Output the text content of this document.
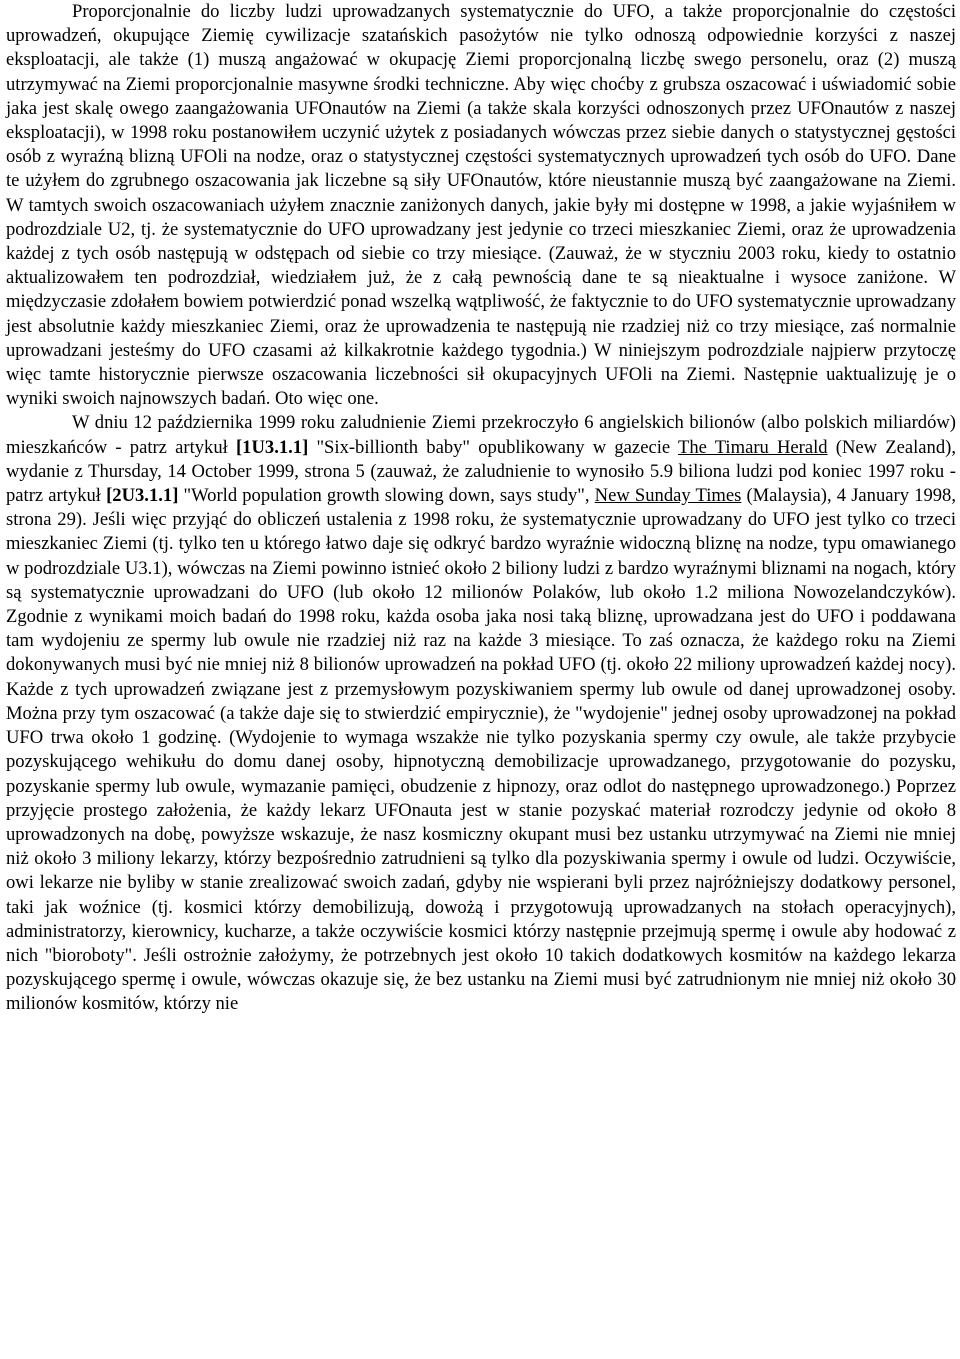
Proporcjonalnie do liczby ludzi uprowadzanych systematycznie do UFO, a także proporcjonalnie do częstości uprowadzeń, okupujące Ziemię cywilizacje szatańskich pasożytów nie tylko odnoszą odpowiednie korzyści z naszej eksploatacji, ale także (1) muszą angażować w okupację Ziemi proporcjonalną liczbę swego personelu, oraz (2) muszą utrzymywać na Ziemi proporcjonalnie masywne środki techniczne. Aby więc choćby z grubsza oszacować i uświadomić sobie jaka jest skalę owego zaangażowania UFOnautów na Ziemi (a także skala korzyści odnoszonych przez UFOnautów z naszej eksploatacji), w 1998 roku postanowiłem uczynić użytek z posiadanych wówczas przez siebie danych o statystycznej gęstości osób z wyraźną blizną UFOli na nodze, oraz o statystycznej częstości systematycznych uprowadzeń tych osób do UFO. Dane te użyłem do zgrubnego oszacowania jak liczebne są siły UFOnautów, które nieustannie muszą być zaangażowane na Ziemi. W tamtych swoich oszacowaniach użyłem znacznie zaniżonych danych, jakie były mi dostępne w 1998, a jakie wyjaśniłem w podrozdziale U2, tj. że systematycznie do UFO uprowadzany jest jedynie co trzeci mieszkaniec Ziemi, oraz że uprowadzenia każdej z tych osób następują w odstępach od siebie co trzy miesiące. (Zauważ, że w styczniu 2003 roku, kiedy to ostatnio aktualizowałem ten podrozdział, wiedziałem już, że z całą pewnością dane te są nieaktualne i wysoce zaniżone. W międzyczasie zdołałem bowiem potwierdzić ponad wszelką wątpliwość, że faktycznie to do UFO systematycznie uprowadzany jest absolutnie każdy mieszkaniec Ziemi, oraz że uprowadzenia te następują nie rzadziej niż co trzy miesiące, zaś normalnie uprowadzani jesteśmy do UFO czasami aż kilkakrotnie każdego tygodnia.) W niniejszym podrozdziale najpierw przytoczę więc tamte historycznie pierwsze oszacowania liczebności sił okupacyjnych UFOli na Ziemi. Następnie uaktualizuję je o wyniki swoich najnowszych badań. Oto więc one.

W dniu 12 października 1999 roku zaludnienie Ziemi przekroczyło 6 angielskich bilionów (albo polskich miliardów) mieszkańców - patrz artykuł [1U3.1.1] "Six-billionth baby" opublikowany w gazecie The Timaru Herald (New Zealand), wydanie z Thursday, 14 October 1999, strona 5 (zauważ, że zaludnienie to wynosiło 5.9 biliona ludzi pod koniec 1997 roku - patrz artykuł [2U3.1.1] "World population growth slowing down, says study", New Sunday Times (Malaysia), 4 January 1998, strona 29). Jeśli więc przyjąć do obliczeń ustalenia z 1998 roku, że systematycznie uprowadzany do UFO jest tylko co trzeci mieszkaniec Ziemi (tj. tylko ten u którego łatwo daje się odkryć bardzo wyraźnie widoczną bliznę na nodze, typu omawianego w podrozdziale U3.1), wówczas na Ziemi powinno istnieć około 2 biliony ludzi z bardzo wyraźnymi bliznami na nogach, który są systematycznie uprowadzani do UFO (lub około 12 milionów Polaków, lub około 1.2 miliona Nowozelandczyków). Zgodnie z wynikami moich badań do 1998 roku, każda osoba jaka nosi taką bliznę, uprowadzana jest do UFO i poddawana tam wydojeniu ze spermy lub owule nie rzadziej niż raz na każde 3 miesiące. To zaś oznacza, że każdego roku na Ziemi dokonywanych musi być nie mniej niż 8 bilionów uprowadzeń na pokład UFO (tj. około 22 miliony uprowadzeń każdej nocy). Każde z tych uprowadzeń związane jest z przemysłowym pozyskiwaniem spermy lub owule od danej uprowadzonej osoby. Można przy tym oszacować (a także daje się to stwierdzić empirycznie), że "wydojenie" jednej osoby uprowadzonej na pokład UFO trwa około 1 godzinę. (Wydojenie to wymaga wszakże nie tylko pozyskania spermy czy owule, ale także przybycie pozyskującego wehikułu do domu danej osoby, hipnotyczną demobilizacje uprowadzanego, przygotowanie do pozysku, pozyskanie spermy lub owule, wymazanie pamięci, obudzenie z hipnozy, oraz odlot do następnego uprowadzonego.) Poprzez przyjęcie prostego założenia, że każdy lekarz UFOnauta jest w stanie pozyskać materiał rozrodczy jedynie od około 8 uprowadzonych na dobę, powyższe wskazuje, że nasz kosmiczny okupant musi bez ustanku utrzymywać na Ziemi nie mniej niż około 3 miliony lekarzy, którzy bezpośrednio zatrudnieni są tylko dla pozyskiwania spermy i owule od ludzi. Oczywiście, owi lekarze nie byliby w stanie zrealizować swoich zadań, gdyby nie wspierani byli przez najróżniejszy dodatkowy personel, taki jak woźnice (tj. kosmici którzy demobilizują, dowożą i przygotowują uprowadzanych na stołach operacyjnych), administratorzy, kierownicy, kucharze, a także oczywiście kosmici którzy następnie przejmują spermę i owule aby hodować z nich "bioroboty". Jeśli ostrożnie założymy, że potrzebnych jest około 10 takich dodatkowych kosmitów na każdego lekarza pozyskującego spermę i owule, wówczas okazuje się, że bez ustanku na Ziemi musi być zatrudnionym nie mniej niż około 30 milionów kosmitów, którzy nie
